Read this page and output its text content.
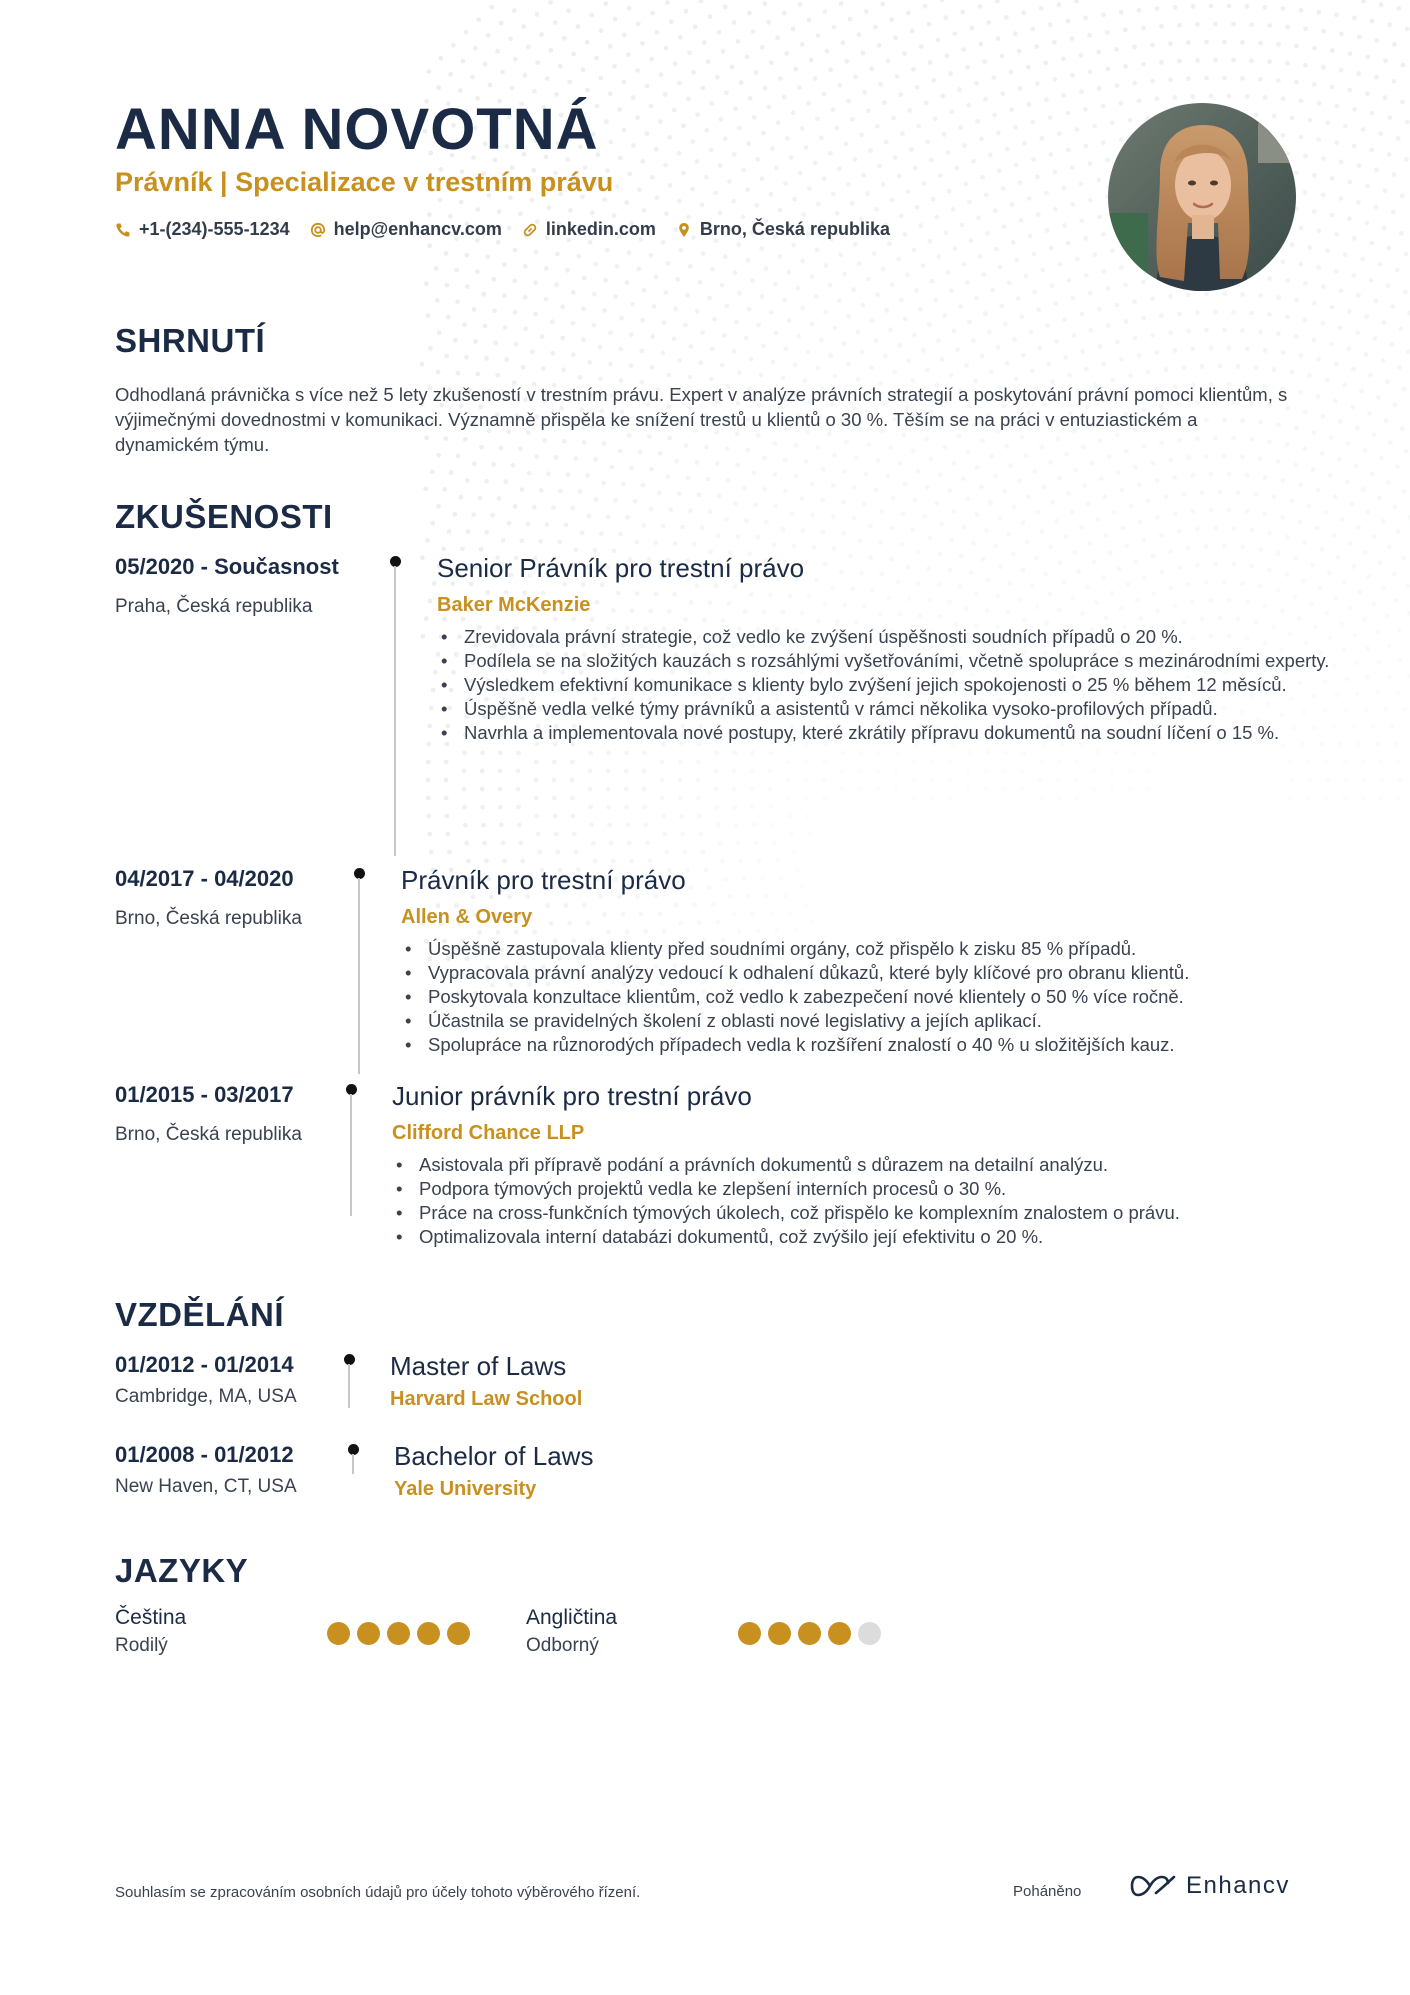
ANNA NOVOTNÁ
Právník | Specializace v trestním právu
+1-(234)-555-1234 help@enhancv.com linkedin.com Brno, Česká republika
SHRNUTÍ
Odhodlaná právnička s více než 5 lety zkušeností v trestním právu. Expert v analýze právních strategií a poskytování právní pomoci klientům, s výjimečnými dovednostmi v komunikaci. Významně přispěla ke snížení trestů u klientů o 30 %. Těším se na práci v entuziastickém a dynamickém týmu.
ZKUŠENOSTI
05/2020 - Současnost
Praha, Česká republika
Senior Právník pro trestní právo
Baker McKenzie
• Zrevidovala právní strategie, což vedlo ke zvýšení úspěšnosti soudních případů o 20 %.
• Podílela se na složitých kauzách s rozsáhlými vyšetřováními, včetně spolupráce s mezinárodními experty.
• Výsledkem efektivní komunikace s klienty bylo zvýšení jejich spokojenosti o 25 % během 12 měsíců.
• Úspěšně vedla velké týmy právníků a asistentů v rámci několika vysoko-profilových případů.
• Navrhla a implementovala nové postupy, které zkrátily přípravu dokumentů na soudní líčení o 15 %.
04/2017 - 04/2020
Brno, Česká republika
Právník pro trestní právo
Allen & Overy
• Úspěšně zastupovala klienty před soudními orgány, což přispělo k zisku 85 % případů.
• Vypracovala právní analýzy vedoucí k odhalení důkazů, které byly klíčové pro obranu klientů.
• Poskytovala konzultace klientům, což vedlo k zabezpečení nové klientely o 50 % více ročně.
• Účastnila se pravidelných školení z oblasti nové legislativy a jejích aplikací.
• Spolupráce na různorodých případech vedla k rozšíření znalostí o 40 % u složitějších kauz.
01/2015 - 03/2017
Brno, Česká republika
Junior právník pro trestní právo
Clifford Chance LLP
• Asistovala při přípravě podání a právních dokumentů s důrazem na detailní analýzu.
• Podpora týmových projektů vedla ke zlepšení interních procesů o 30 %.
• Práce na cross-funkčních týmových úkolech, což přispělo ke komplexním znalostem o právu.
• Optimalizovala interní databázi dokumentů, což zvýšilo její efektivitu o 20 %.
VZDĚLÁNÍ
01/2012 - 01/2014
Cambridge, MA, USA
Master of Laws
Harvard Law School
01/2008 - 01/2012
New Haven, CT, USA
Bachelor of Laws
Yale University
JAZYKY
Čeština
Rodilý
Angličtina
Odborný
Souhlasím se zpracováním osobních údajů pro účely tohoto výběrového řízení.	Poháněno	Enhancv
